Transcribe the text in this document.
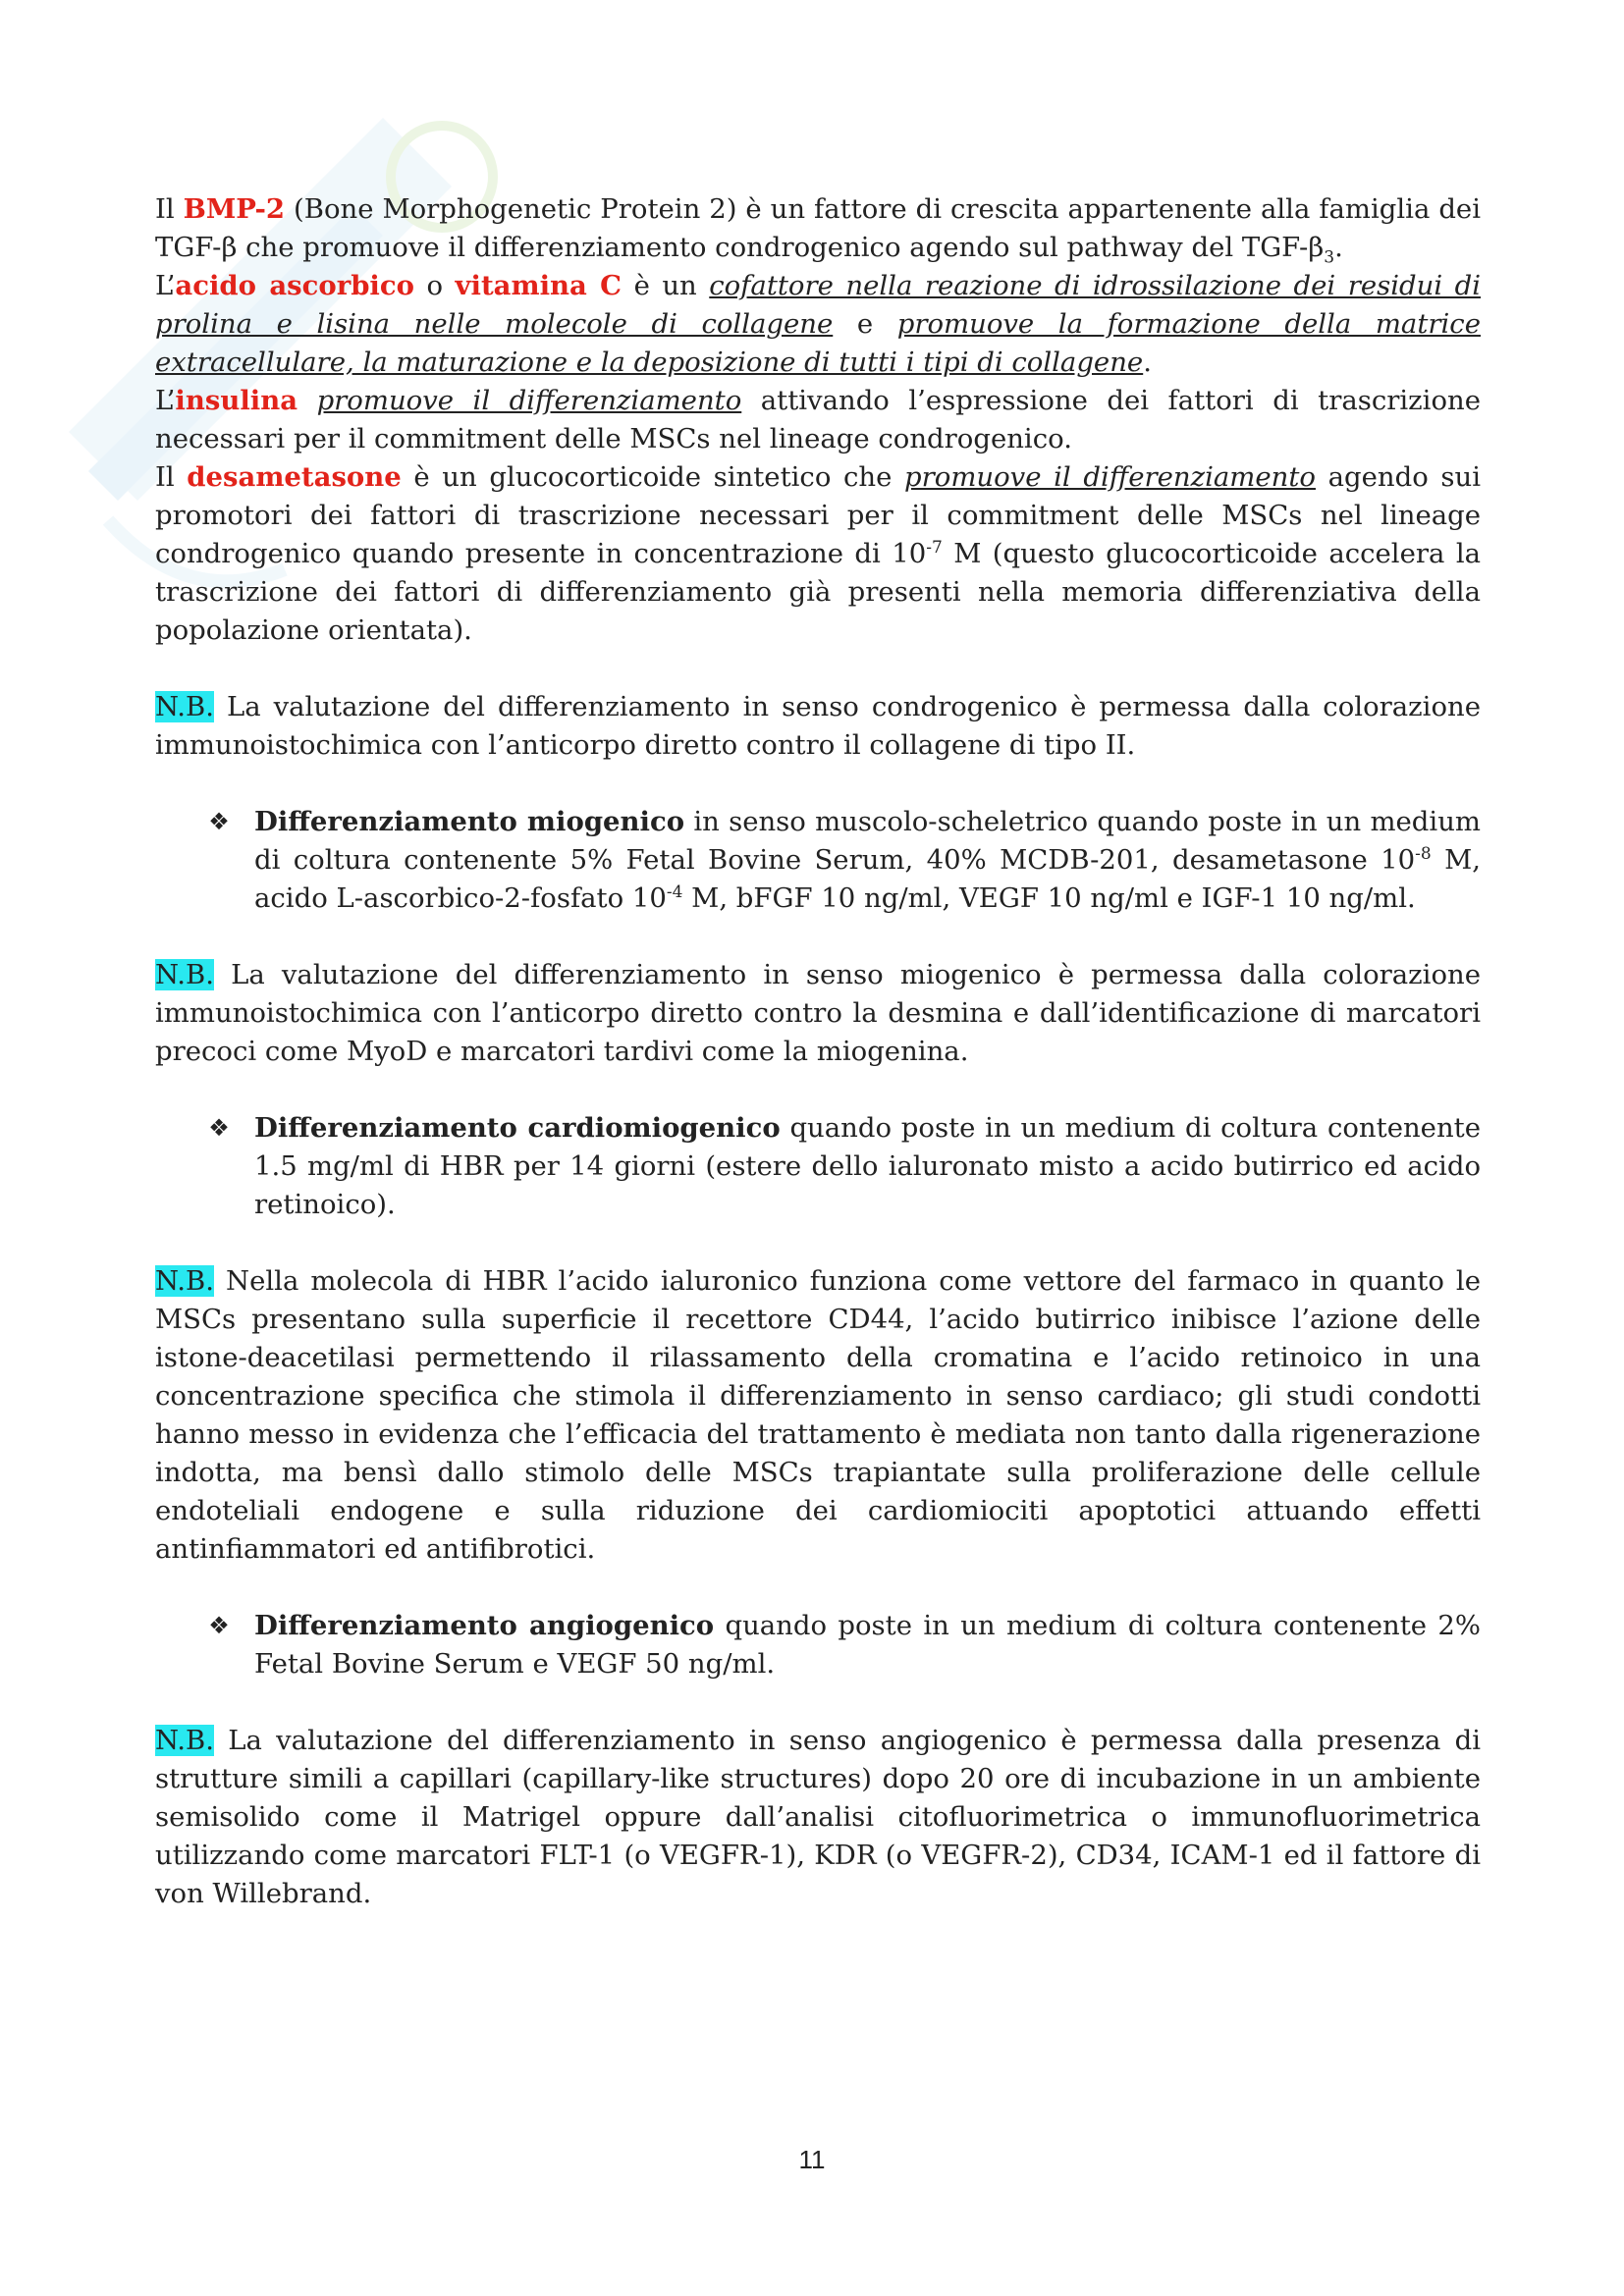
Il BMP-2 (Bone Morphogenetic Protein 2) è un fattore di crescita appartenente alla famiglia dei TGF-β che promuove il differenziamento condrogenico agendo sul pathway del TGF-$\beta_3$.

L’acido ascorbico o vitamina C è un cofattore nella reazione di idrossilazione dei residui di prolina e lisina nelle molecole di collagene e promuove la formazione della matrice extracellulare, la maturazione e la deposizione di tutti i tipi di collagene.

L’insulina promuove il differenziamento attivando l’espressione dei fattori di trascrizione necessari per il commitment delle MSCs nel lineage condrogenico.

Il desametasone è un glucocorticoide sintetico che promuove il differenziamento agendo sui promotori dei fattori di trascrizione necessari per il commitment delle MSCs nel lineage condrogenico quando presente in concentrazione di $10^{-7}$ M (questo glucocorticoide accelera la trascrizione dei fattori di differenziamento già presenti nella memoria differenziativa della popolazione orientata).

N.B. La valutazione del differenziamento in senso condrogenico è permessa dalla colorazione immunoistochimica con l’anticorpo diretto contro il collagene di tipo II.

❖ Differenziamento miogenico in senso muscolo-scheletrico quando poste in un medium di coltura contenente 5% Fetal Bovine Serum, 40% MCDB-201, desametasone $10^{-8}$ M, acido L-ascorbico-2-fosfato $10^{-4}$ M, bFGF 10 ng/ml, VEGF 10 ng/ml e IGF-1 10 ng/ml.

N.B. La valutazione del differenziamento in senso miogenico è permessa dalla colorazione immunoistochimica con l’anticorpo diretto contro la desmina e dall’identificazione di marcatori precoci come MyoD e marcatori tardivi come la miogenina.

❖ Differenziamento cardiomiogenico quando poste in un medium di coltura contenente 1.5 mg/ml di HBR per 14 giorni (estere dello ialuronato misto a acido butirrico ed acido retinoico).

N.B. Nella molecola di HBR l’acido ialuronico funziona come vettore del farmaco in quanto le MSCs presentano sulla superficie il recettore CD44, l’acido butirrico inibisce l’azione delle istone-deacetilasi permettendo il rilassamento della cromatina e l’acido retinoico in una concentrazione specifica che stimola il differenziamento in senso cardiaco; gli studi condotti hanno messo in evidenza che l’efficacia del trattamento è mediata non tanto dalla rigenerazione indotta, ma bensì dallo stimolo delle MSCs trapiantate sulla proliferazione delle cellule endoteliali endogene e sulla riduzione dei cardiomiociti apoptotici attuando effetti antinfiammatori ed antifibrotici.

❖ Differenziamento angiogenico quando poste in un medium di coltura contenente 2% Fetal Bovine Serum e VEGF 50 ng/ml.

N.B. La valutazione del differenziamento in senso angiogenico è permessa dalla presenza di strutture simili a capillari (capillary-like structures) dopo 20 ore di incubazione in un ambiente semisolido come il Matrigel oppure dall’analisi citofluorimetrica o immunofluorimetrica utilizzando come marcatori FLT-1 (o VEGFR-1), KDR (o VEGFR-2), CD34, ICAM-1 ed il fattore di von Willebrand.

11
